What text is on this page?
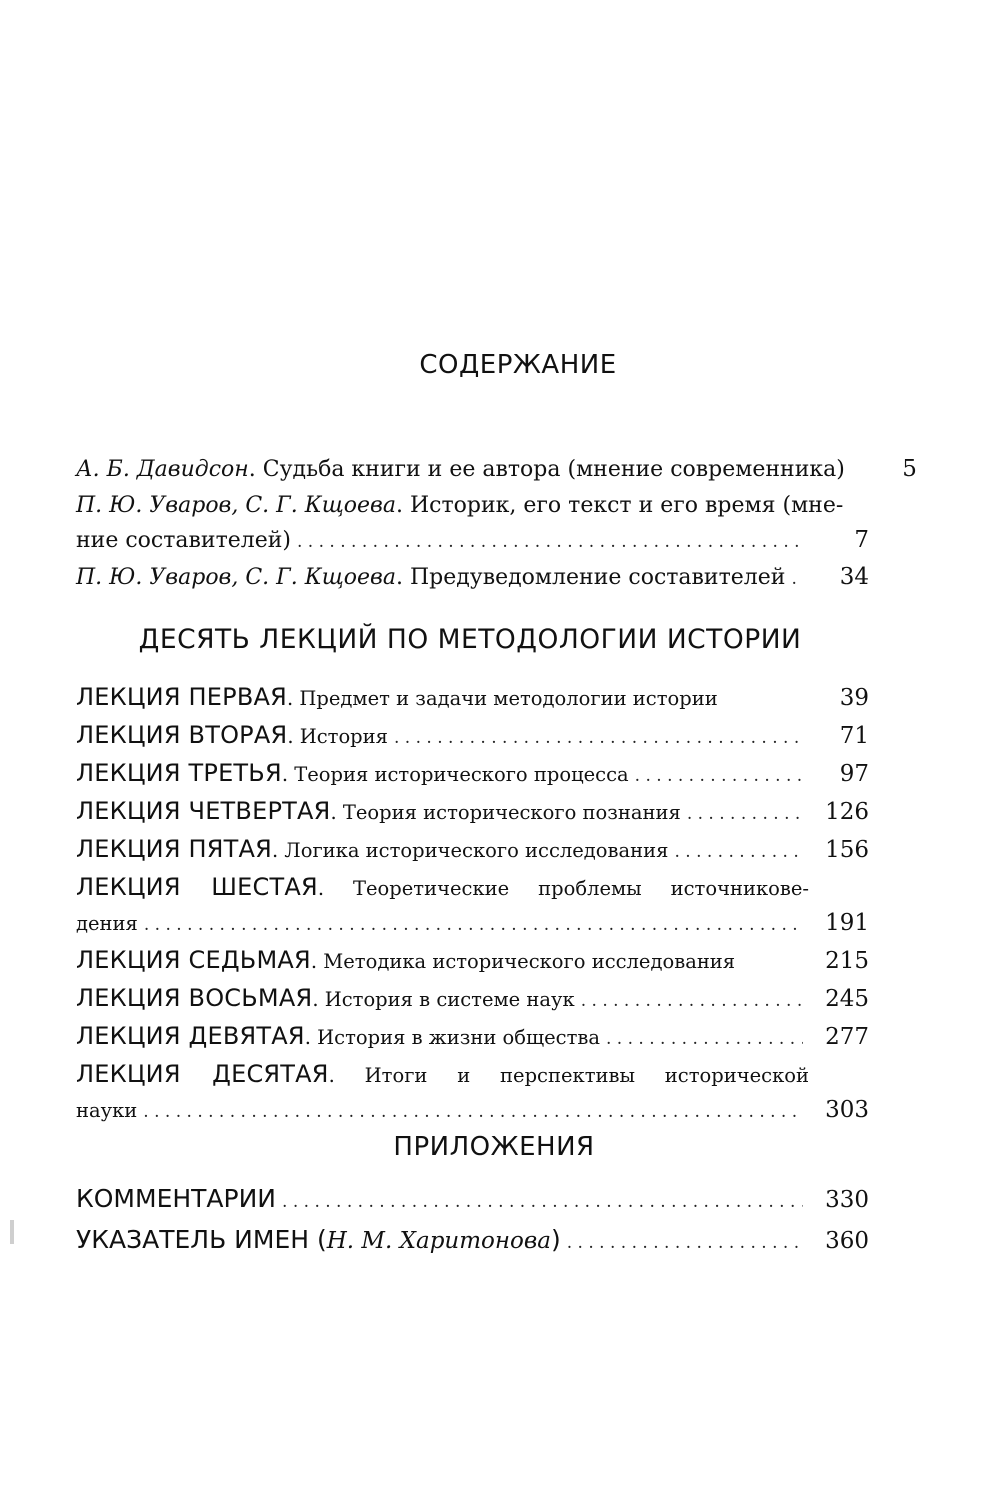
СОДЕРЖАНИЕ
А. Б. Давидсон. Судьба книги и ее автора (мнение современника)	5
П. Ю. Уваров, С. Г. Кщоева. Историк, его текст и его время (мне-
ние составителей) . . .	7
П. Ю. Уваров, С. Г. Кщоева. Предуведомление составителей . . .	34
ДЕСЯТЬ ЛЕКЦИЙ ПО МЕТОДОЛОГИИ ИСТОРИИ
ЛЕКЦИЯ ПЕРВАЯ. Предмет и задачи методологии истории	39
ЛЕКЦИЯ ВТОРАЯ. История . . .	71
ЛЕКЦИЯ ТРЕТЬЯ. Теория исторического процесса . . .	97
ЛЕКЦИЯ ЧЕТВЕРТАЯ. Теория исторического познания . . .	126
ЛЕКЦИЯ ПЯТАЯ. Логика исторического исследования . . .	156
ЛЕКЦИЯ ШЕСТАЯ. Теоретические проблемы источникове-
дения . . .	191
ЛЕКЦИЯ СЕДЬМАЯ. Методика исторического исследования	215
ЛЕКЦИЯ ВОСЬМАЯ. История в системе наук . . .	245
ЛЕКЦИЯ ДЕВЯТАЯ. История в жизни общества . . .	277
ЛЕКЦИЯ ДЕСЯТАЯ. Итоги и перспективы исторической
науки . . .	303
ПРИЛОЖЕНИЯ
КОММЕНТАРИИ . . .	330
УКАЗАТЕЛЬ ИМЕН (Н. М. Харитонова) . . .	360
